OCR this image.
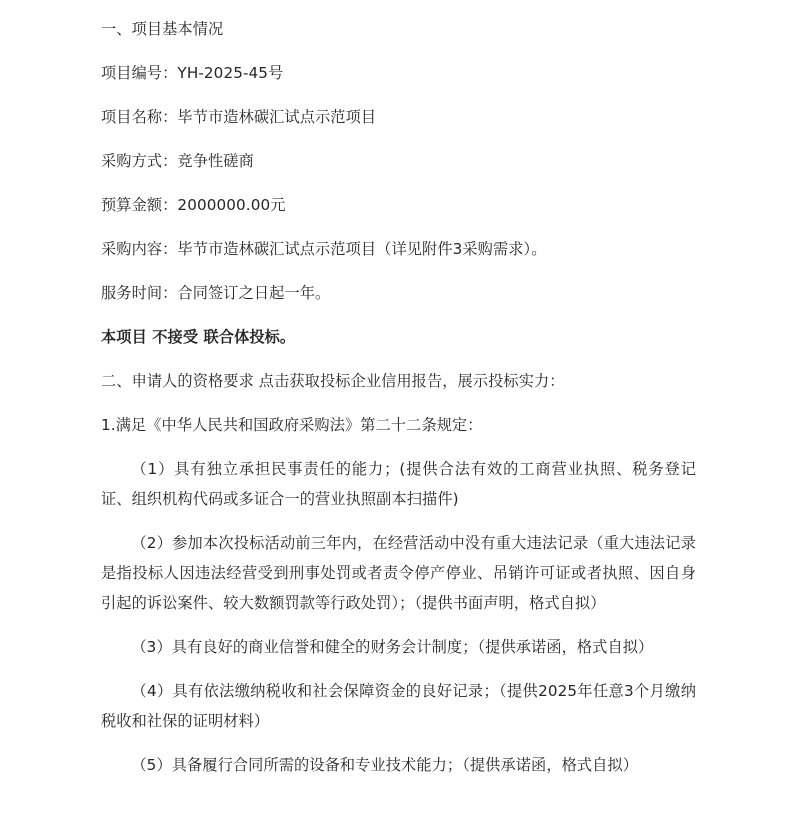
一、项目基本情况

项目编号：YH-2025-45号

项目名称：毕节市造林碳汇试点示范项目

采购方式：竞争性磋商

预算金额：2000000.00元

采购内容：毕节市造林碳汇试点示范项目（详见附件3采购需求）。

服务时间：合同签订之日起一年。

本项目 不接受 联合体投标。

二、申请人的资格要求 点击获取投标企业信用报告，展示投标实力：

1.满足《中华人民共和国政府采购法》第二十二条规定：

（1）具有独立承担民事责任的能力；(提供合法有效的工商营业执照、税务登记证、组织机构代码或多证合一的营业执照副本扫描件)

（2）参加本次投标活动前三年内，在经营活动中没有重大违法记录（重大违法记录是指投标人因违法经营受到刑事处罚或者责令停产停业、吊销许可证或者执照、因自身引起的诉讼案件、较大数额罚款等行政处罚）；（提供书面声明，格式自拟）

（3）具有良好的商业信誉和健全的财务会计制度；（提供承诺函，格式自拟）

（4）具有依法缴纳税收和社会保障资金的良好记录；（提供2025年任意3个月缴纳税收和社保的证明材料）

（5）具备履行合同所需的设备和专业技术能力；（提供承诺函，格式自拟）
